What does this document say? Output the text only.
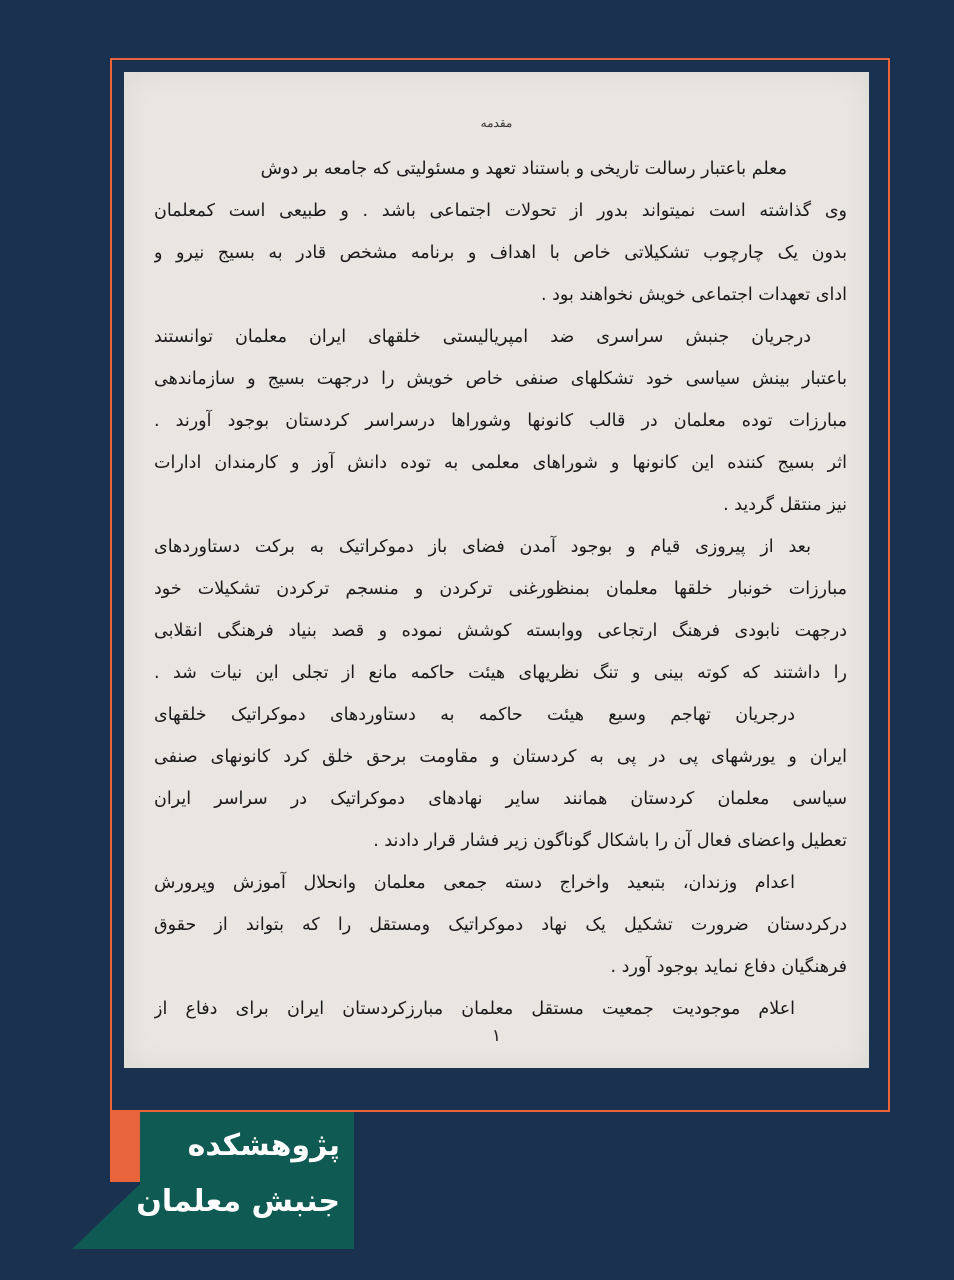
مقدمه
معلم باعتبار رسالت تاریخی و باستناد تعهد و مسئولیتی که جامعه بر دوش
وی گذاشته است نمیتواند بدور از تحولات اجتماعی باشد . و طبیعی است کمعلمان
بدون یک چارچوب تشکیلاتی خاص با اهداف و برنامه مشخص قادر به بسیج نیرو و
ادای تعهدات اجتماعی خویش نخواهند بود .
درجریان جنبش سراسری ضد امپریالیستی خلقهای ایران معلمان توانستند
باعتبار بینش سیاسی خود تشکلهای صنفی خاص خویش را درجهت بسیج و سازماندهی
مبارزات توده معلمان در قالب کانونها وشوراها درسراسر کردستان بوجود آورند .
اثر بسیج کننده این کانونها و شوراهای معلمی به توده دانش آوز و کارمندان ادارات
نیز منتقل گردید .
بعد از پیروزی قیام و بوجود آمدن فضای باز دموکراتیک به برکت دستاوردهای
مبارزات خونبار خلقها معلمان بمنظورغنی ترکردن و منسجم ترکردن تشکیلات خود
درجهت نابودی فرهنگ ارتجاعی ووابسته کوشش نموده و قصد بنیاد فرهنگی انقلابی
را داشتند که کوته بینی و تنگ نظریهای هیئت حاکمه مانع از تجلی این نیات شد .
درجریان تهاجم وسیع هیئت حاکمه به دستاوردهای دموکراتیک خلقهای
ایران و یورشهای پی در پی به کردستان و مقاومت برحق خلق کرد کانونهای صنفی
سیاسی معلمان کردستان همانند سایر نهادهای دموکراتیک در سراسر ایران
تعطیل واعضای فعال آن را باشکال گوناگون زیر فشار قرار دادند .
اعدام وزندان، بتبعید واخراج دسته جمعی معلمان وانحلال آموزش وپرورش
درکردستان ضرورت تشکیل یک نهاد دموکراتیک ومستقل را که بتواند از حقوق
فرهنگیان دفاع نماید بوجود آورد .
اعلام موجودیت جمعیت مستقل معلمان مبارزکردستان ایران برای دفاع از
۱
پژوهشکده
جنبش معلمان
